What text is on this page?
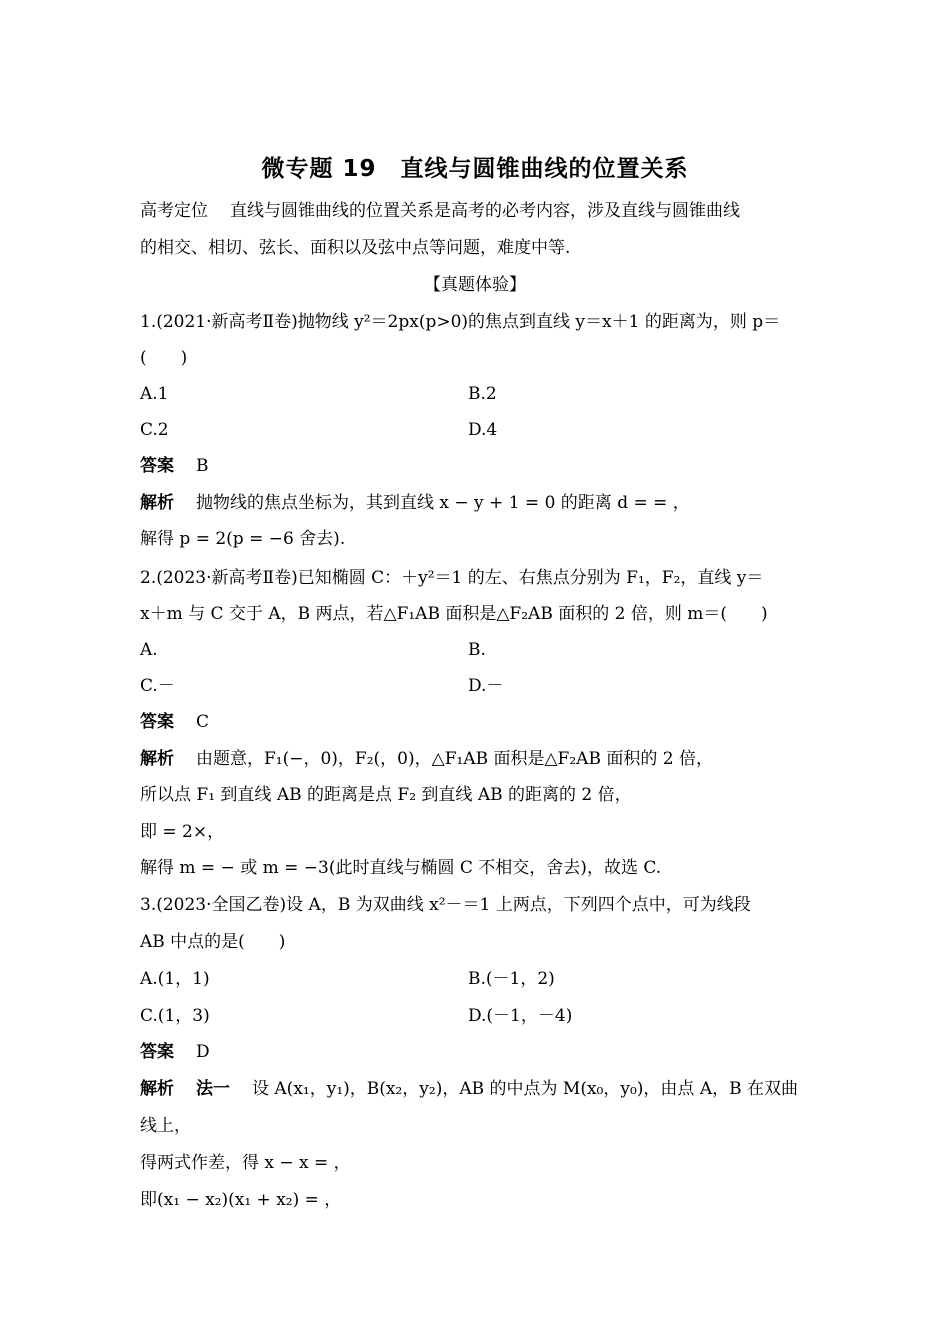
微专题 19　直线与圆锥曲线的位置关系
高考定位 直线与圆锥曲线的位置关系是高考的必考内容，涉及直线与圆锥曲线
的相交、相切、弦长、面积以及弦中点等问题，难度中等.
【真题体验】
1.(2021·新高考Ⅱ卷)抛物线 y²＝2px(p>0)的焦点到直线 y＝x＋1 的距离为，则 p＝
(　　)
A.1	B.2
C.2	D.4
答案 B
解析 抛物线的焦点坐标为，其到直线 x − y + 1 = 0 的距离 d = = ，
解得 p = 2(p = −6 舍去).
2.(2023·新高考Ⅱ卷)已知椭圆 C：＋y²＝1 的左、右焦点分别为 F₁，F₂，直线 y＝
x＋m 与 C 交于 A，B 两点，若△F₁AB 面积是△F₂AB 面积的 2 倍，则 m＝(　　)
A.	B.
C.－	D.－
答案 C
解析 由题意，F₁(−，0)，F₂(，0)，△F₁AB 面积是△F₂AB 面积的 2 倍，
所以点 F₁ 到直线 AB 的距离是点 F₂ 到直线 AB 的距离的 2 倍，
即 = 2×，
解得 m = − 或 m = −3(此时直线与椭圆 C 不相交，舍去)，故选 C.
3.(2023·全国乙卷)设 A，B 为双曲线 x²－＝1 上两点，下列四个点中，可为线段
AB 中点的是(　　)
A.(1，1)	B.(－1，2)
C.(1，3)	D.(－1，－4)
答案 D
解析 法一 设 A(x₁，y₁)，B(x₂，y₂)，AB 的中点为 M(x₀，y₀)，由点 A，B 在双曲
线上，
得两式作差，得 x − x = ，
即(x₁ − x₂)(x₁ + x₂) = ，
